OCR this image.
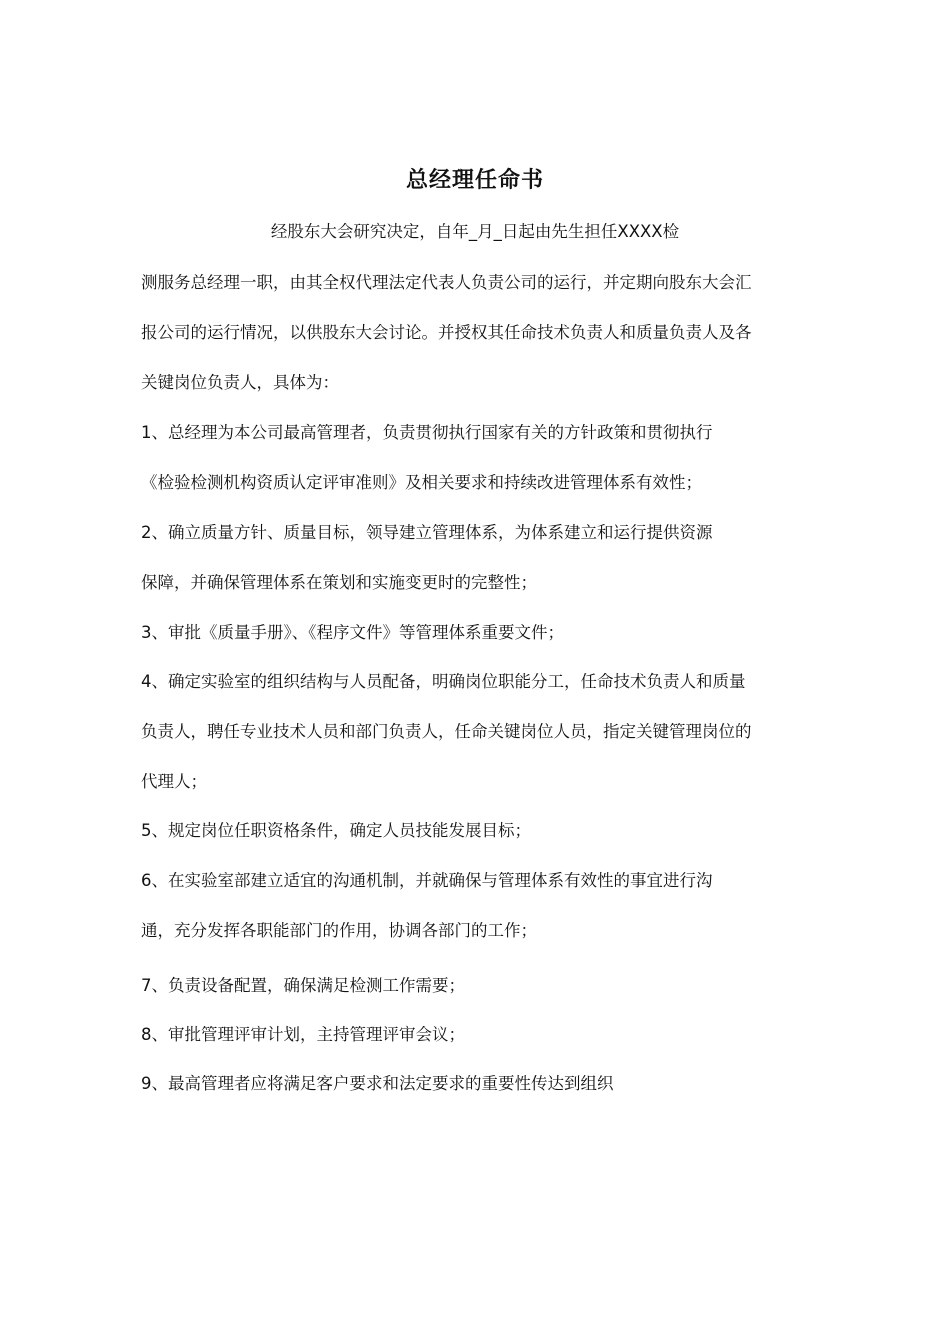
总经理任命书
经股东大会研究决定，自年_月_日起由先生担任XXXX检
测服务总经理一职，由其全权代理法定代表人负责公司的运行，并定期向股东大会汇
报公司的运行情况，以供股东大会讨论。并授权其任命技术负责人和质量负责人及各
关键岗位负责人，具体为：
1、总经理为本公司最高管理者，负责贯彻执行国家有关的方针政策和贯彻执行
《检验检测机构资质认定评审准则》及相关要求和持续改进管理体系有效性；
2、确立质量方针、质量目标，领导建立管理体系，为体系建立和运行提供资源
保障，并确保管理体系在策划和实施变更时的完整性；
3、审批《质量手册》、《程序文件》等管理体系重要文件；
4、确定实验室的组织结构与人员配备，明确岗位职能分工，任命技术负责人和质量
负责人，聘任专业技术人员和部门负责人，任命关键岗位人员，指定关键管理岗位的
代理人；
5、规定岗位任职资格条件，确定人员技能发展目标；
6、在实验室部建立适宜的沟通机制，并就确保与管理体系有效性的事宜进行沟
通，充分发挥各职能部门的作用，协调各部门的工作；
7、负责设备配置，确保满足检测工作需要；
8、审批管理评审计划，主持管理评审会议；
9、最高管理者应将满足客户要求和法定要求的重要性传达到组织
